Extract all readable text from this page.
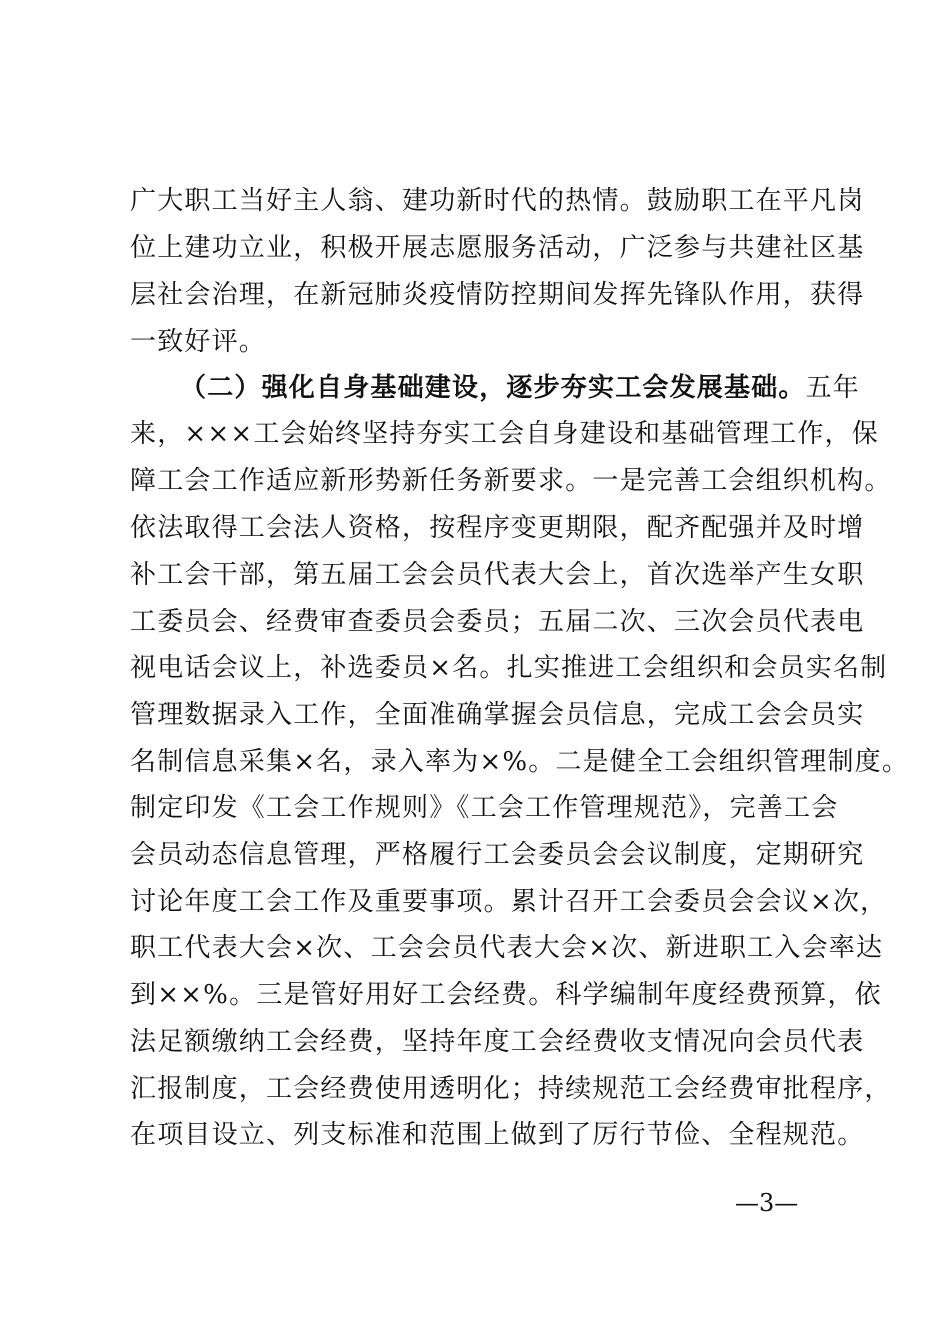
广大职工当好主人翁、建功新时代的热情。鼓励职工在平凡岗
位上建功立业，积极开展志愿服务活动，广泛参与共建社区基
层社会治理，在新冠肺炎疫情防控期间发挥先锋队作用，获得
一致好评。
（二）强化自身基础建设，逐步夯实工会发展基础。五年
来，×××工会始终坚持夯实工会自身建设和基础管理工作，保
障工会工作适应新形势新任务新要求。一是完善工会组织机构。
依法取得工会法人资格，按程序变更期限，配齐配强并及时增
补工会干部，第五届工会会员代表大会上，首次选举产生女职
工委员会、经费审查委员会委员；五届二次、三次会员代表电
视电话会议上，补选委员×名。扎实推进工会组织和会员实名制
管理数据录入工作，全面准确掌握会员信息，完成工会会员实
名制信息采集×名，录入率为×%。二是健全工会组织管理制度。
制定印发《工会工作规则》《工会工作管理规范》，完善工会
会员动态信息管理，严格履行工会委员会会议制度，定期研究
讨论年度工会工作及重要事项。累计召开工会委员会会议×次，
职工代表大会×次、工会会员代表大会×次、新进职工入会率达
到××%。三是管好用好工会经费。科学编制年度经费预算，依
法足额缴纳工会经费，坚持年度工会经费收支情况向会员代表
汇报制度，工会经费使用透明化；持续规范工会经费审批程序，
在项目设立、列支标准和范围上做到了厉行节俭、全程规范。
—3—
